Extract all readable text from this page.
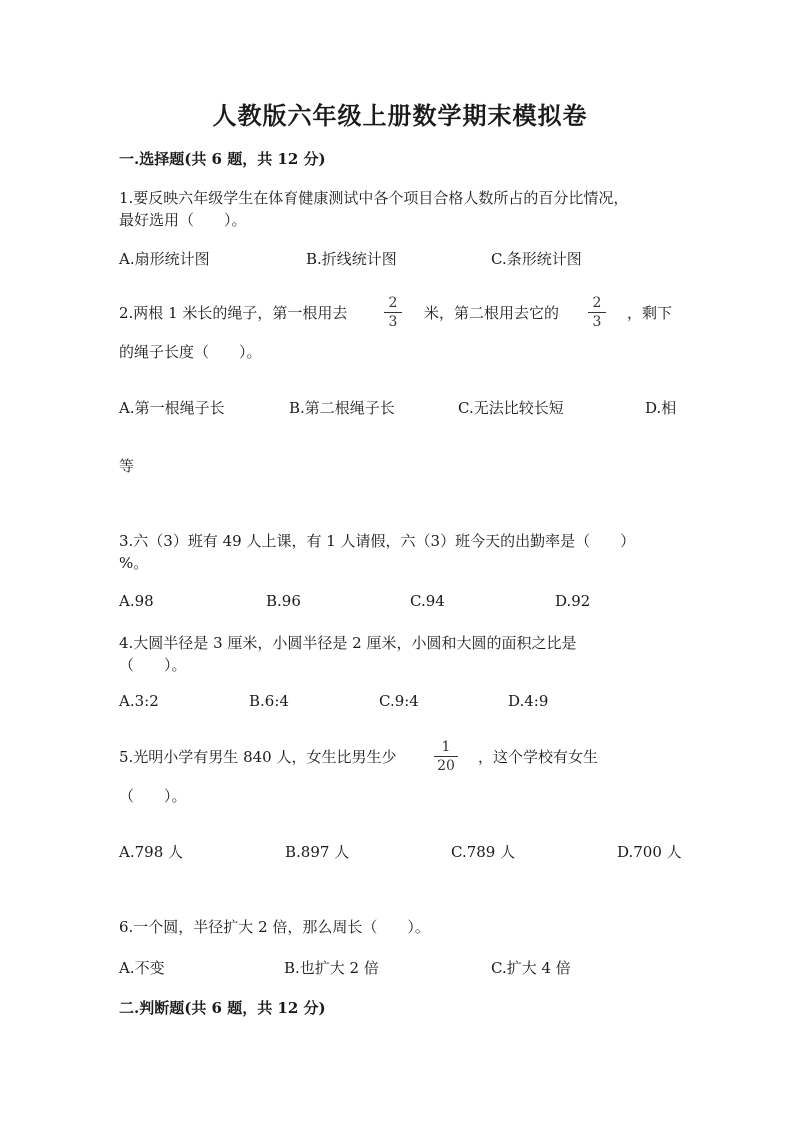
人教版六年级上册数学期末模拟卷
一.选择题(共 6 题，共 12 分)
1.要反映六年级学生在体育健康测试中各个项目合格人数所占的百分比情况，
最好选用（　　）。
A.扇形统计图	B.折线统计图	C.条形统计图
2.两根 1 米长的绳子，第一根用去
2
3	米，第二根用去它的
2
3	，剩下
的绳子长度（　　）。
A.第一根绳子长	B.第二根绳子长	C.无法比较长短	D.相
等
3.六（3）班有 49 人上课，有 1 人请假，六（3）班今天的出勤率是（　　）
%。
A.98	B.96	C.94	D.92
4.大圆半径是 3 厘米，小圆半径是 2 厘米，小圆和大圆的面积之比是
（　　）。
A.3:2	B.6:4	C.9:4	D.4:9
5.光明小学有男生 840 人，女生比男生少
1
20 ，这个学校有女生
（　　）。
A.798 人	B.897 人	C.789 人	D.700 人
6.一个圆，半径扩大 2 倍，那么周长（　　）。
A.不变	B.也扩大 2 倍	C.扩大 4 倍
二.判断题(共 6 题，共 12 分)
